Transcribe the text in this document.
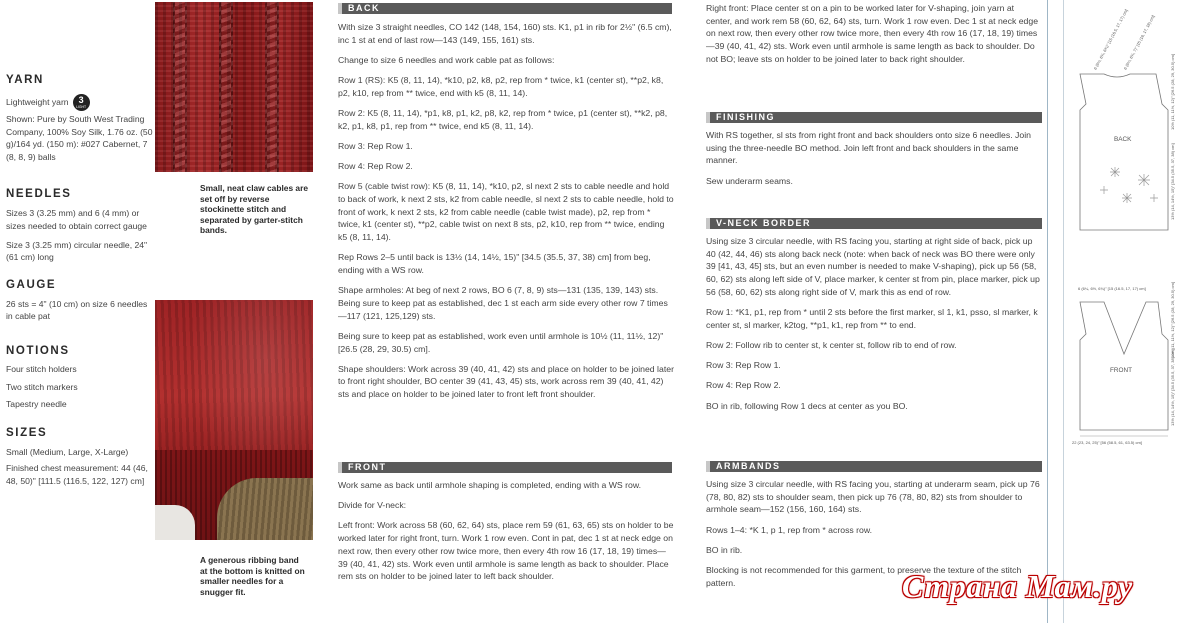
YARN
Lightweight yarn 3
LIGHT
Shown: Pure by South West Trading Company, 100% Soy Silk, 1.76 oz. (50 g)/164 yd. (150 m): #027 Cabernet, 7 (8, 8, 9) balls
NEEDLES

Sizes 3 (3.25 mm) and 6 (4 mm) or sizes needed to obtain correct gauge

Size 3 (3.25 mm) circular needle, 24" (61 cm) long

GAUGE
26 sts = 4" (10 cm) on size 6 needles in cable pat
NOTIONS

Four stitch holders

Two stitch markers

Tapestry needle

SIZES

Small (Medium, Large, X-Large)

Finished chest measurement: 44 (46, 48, 50)" [111.5 (116.5, 122, 127) cm]

Small, neat claw cables are set off by reverse stockinette stitch and separated by garter-stitch bands.
A generous ribbing band at the bottom is knitted on smaller needles for a snugger fit.
BACK

With size 3 straight needles, CO 142 (148, 154, 160) sts. K1, p1 in rib for 2½" (6.5 cm), inc 1 st at end of last row—143 (149, 155, 161) sts.

Change to size 6 needles and work cable pat as follows:

Row 1 (RS): K5 (8, 11, 14), *k10, p2, k8, p2, rep from * twice, k1 (center st), **p2, k8, p2, k10, rep from ** twice, end with k5 (8, 11, 14).

Row 2: K5 (8, 11, 14), *p1, k8, p1, k2, p8, k2, rep from * twice, p1 (center st), **k2, p8, k2, p1, k8, p1, rep from ** twice, end k5 (8, 11, 14).

Row 3: Rep Row 1.

Row 4: Rep Row 2.

Row 5 (cable twist row): K5 (8, 11, 14), *k10, p2, sl next 2 sts to cable needle and hold to back of work, k next 2 sts, k2 from cable needle, sl next 2 sts to cable needle, hold to front of work, k next 2 sts, k2 from cable needle (cable twist made), p2, rep from * twice, k1 (center st), **p2, cable twist on next 8 sts, p2, k10, rep from ** twice, ending k5 (8, 11, 14).

Rep Rows 2–5 until back is 13½ (14, 14½, 15)" [34.5 (35.5, 37, 38) cm] from beg, ending with a WS row.

Shape armholes: At beg of next 2 rows, BO 6 (7, 8, 9) sts—131 (135, 139, 143) sts. Being sure to keep pat as established, dec 1 st each arm side every other row 7 times—117 (121, 125,129) sts.

Being sure to keep pat as established, work even until armhole is 10½ (11, 11½, 12)" [26.5 (28, 29, 30.5) cm].

Shape shoulders: Work across 39 (40, 41, 42) sts and place on holder to be joined later to front right shoulder, BO center 39 (41, 43, 45) sts, work across rem 39 (40, 41, 42) sts and place on holder to be joined later to front left front shoulder.

FRONT

Work same as back until armhole shaping is completed, ending with a WS row.

Divide for V-neck:

Left front: Work across 58 (60, 62, 64) sts, place rem 59 (61, 63, 65) sts on holder to be worked later for right front, turn. Work 1 row even. Cont in pat, dec 1 st at neck edge on next row, then every other row twice more, then every 4th row 16 (17, 18, 19) times—39 (40, 41, 42) sts. Work even until armhole is same length as back to shoulder. Place rem sts on holder to be joined later to left back shoulder.

Right front: Place center st on a pin to be worked later for V-shaping, join yarn at center, and work rem 58 (60, 62, 64) sts, turn. Work 1 row even. Dec 1 st at neck edge on next row, then every other row twice more, then every 4th row 16 (17, 18, 19) times—39 (40, 41, 42) sts. Work even until armhole is same length as back to shoulder. Do not BO; leave sts on holder to be joined later to back right shoulder.
FINISHING

With RS together, sl sts from right front and back shoulders onto size 6 needles. Join using the three-needle BO method. Join left front and back shoulders in the same manner.

Sew underarm seams.

V-NECK BORDER

Using size 3 circular needle, with RS facing you, starting at right side of back, pick up 40 (42, 44, 46) sts along back neck (note: when back of neck was BO there were only 39 [41, 43, 45] sts, but an even number is needed to make V-shaping), pick up 56 (58, 60, 62) sts along left side of V, place marker, k center st from pin, place marker, pick up 56 (58, 60, 62) sts along right side of V, mark this as end of row.

Row 1: *K1, p1, rep from * until 2 sts before the first marker, sl 1, k1, psso, sl marker, k center st, sl marker, k2tog, **p1, k1, rep from ** to end.

Row 2: Follow rib to center st, k center st, follow rib to end of row.

Row 3: Rep Row 1.

Row 4: Rep Row 2.

BO in rib, following Row 1 decs at center as you BO.

ARMBANDS

Using size 3 circular needle, with RS facing you, starting at underarm seam, pick up 76 (78, 80, 82) sts to shoulder seam, then pick up 76 (78, 80, 82) sts from shoulder to armhole seam—152 (156, 160, 164) sts.

Rows 1–4: *K 1, p 1, rep from * across row.

BO in rib.

Blocking is not recommended for this garment, to preserve the texture of the stitch pattern.

BACK
6 (6¼, 6¾, 7)" [15 (16, 17, 18) cm]
6 (6½, 6¾, 6¾)" [15 (16.5, 17, 17) cm]
10½ (11, 11½, 12)" [26.5 (28, 29, 30.5) cm]
13½ (14, 14½, 15)" [34.5 (35.5, 37, 38) cm]
FRONT
6 (6¼, 6½, 6¾)" [15 (16.5, 17, 17) cm]	10½ (11, 11½, 12)" [26.5 (28, 29, 30.5) cm]
13½ (14, 14½, 15)" [34.5 (35.5, 37, 38) cm]
22 (23, 24, 25)" [56 (58.5, 61, 63.5) cm]
Страна Мам.ру
